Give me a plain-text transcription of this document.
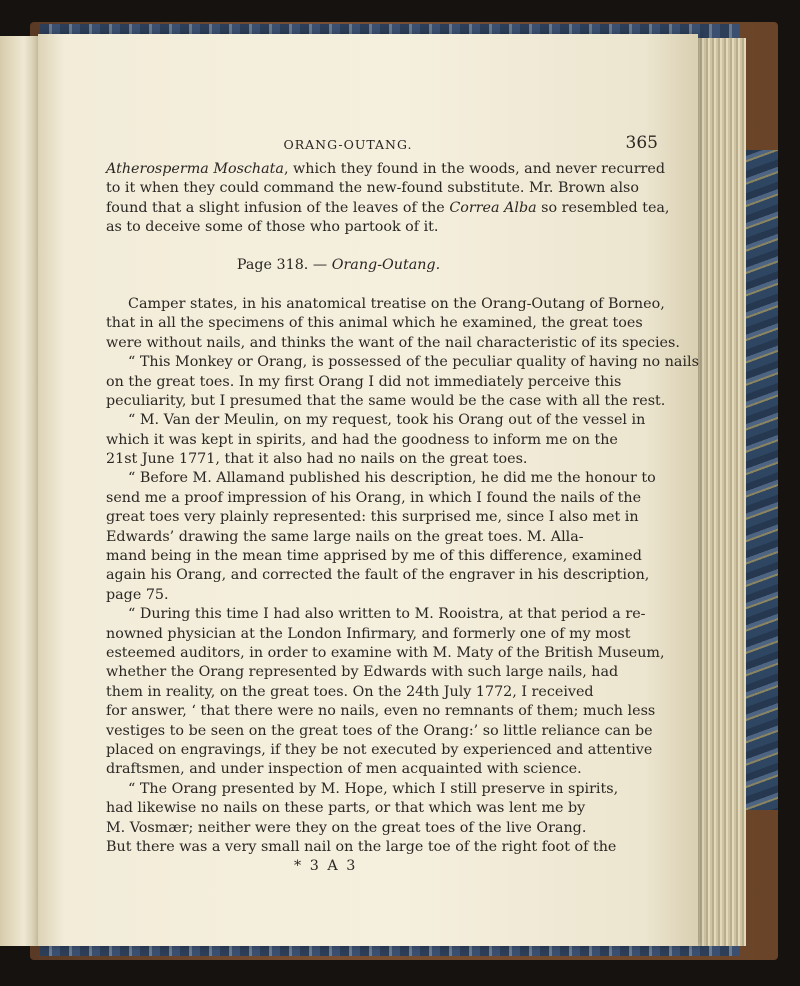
ORANG-OUTANG.	365
Atherosperma Moschata, which they found in the woods, and never recurred
to it when they could command the new-found substitute. Mr. Brown also
found that a slight infusion of the leaves of the Correa Alba so resembled tea,
as to deceive some of those who partook of it.
Page 318. — Orang-Outang.
Camper states, in his anatomical treatise on the Orang-Outang of Borneo,
that in all the specimens of this animal which he examined, the great toes
were without nails, and thinks the want of the nail characteristic of its species.
“ This Monkey or Orang, is possessed of the peculiar quality of having no nails
on the great toes. In my first Orang I did not immediately perceive this
peculiarity, but I presumed that the same would be the case with all the rest.
“ M. Van der Meulin, on my request, took his Orang out of the vessel in
which it was kept in spirits, and had the goodness to inform me on the
21st June 1771, that it also had no nails on the great toes.
“ Before M. Allamand published his description, he did me the honour to
send me a proof impression of his Orang, in which I found the nails of the
great toes very plainly represented: this surprised me, since I also met in
Edwards’ drawing the same large nails on the great toes. M. Alla-
mand being in the mean time apprised by me of this difference, examined
again his Orang, and corrected the fault of the engraver in his description,
page 75.
“ During this time I had also written to M. Rooistra, at that period a re-
nowned physician at the London Infirmary, and formerly one of my most
esteemed auditors, in order to examine with M. Maty of the British Museum,
whether the Orang represented by Edwards with such large nails, had
them in reality, on the great toes. On the 24th July 1772, I received
for answer, ‘ that there were no nails, even no remnants of them; much less
vestiges to be seen on the great toes of the Orang:’ so little reliance can be
placed on engravings, if they be not executed by experienced and attentive
draftsmen, and under inspection of men acquainted with science.
“ The Orang presented by M. Hope, which I still preserve in spirits,
had likewise no nails on these parts, or that which was lent me by
M. Vosmær; neither were they on the great toes of the live Orang.
But there was a very small nail on the large toe of the right foot of the
* 3 A 3
